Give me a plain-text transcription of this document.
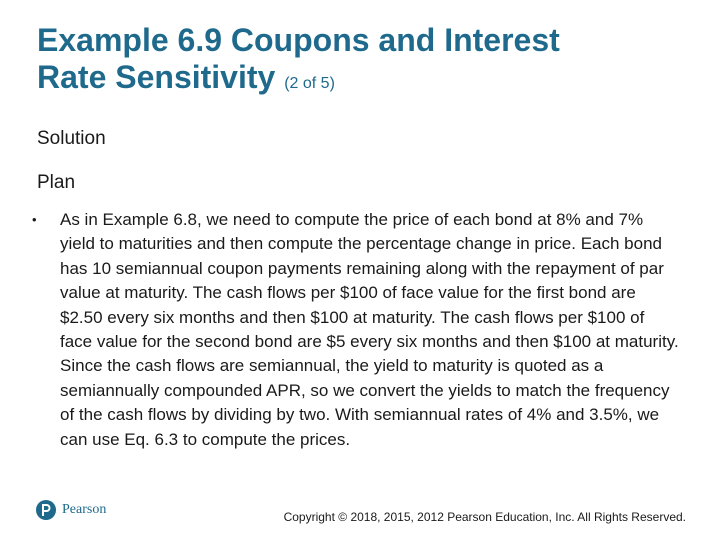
Example 6.9 Coupons and Interest
Rate Sensitivity (2 of 5)
Solution
Plan
•	As in Example 6.8, we need to compute the price of each bond at 8% and 7% yield to maturities and then compute the percentage change in price. Each bond has 10 semiannual coupon payments remaining along with the repayment of par value at maturity. The cash flows per $100 of face value for the first bond are $2.50 every six months and then $100 at maturity. The cash flows per $100 of face value for the second bond are $5 every six months and then $100 at maturity. Since the cash flows are semiannual, the yield to maturity is quoted as a semiannually compounded APR, so we convert the yields to match the frequency of the cash flows by dividing by two. With semiannual rates of 4% and 3.5%, we can use Eq. 6.3 to compute the prices.
Pearson	Copyright © 2018, 2015, 2012 Pearson Education, Inc. All Rights Reserved.
